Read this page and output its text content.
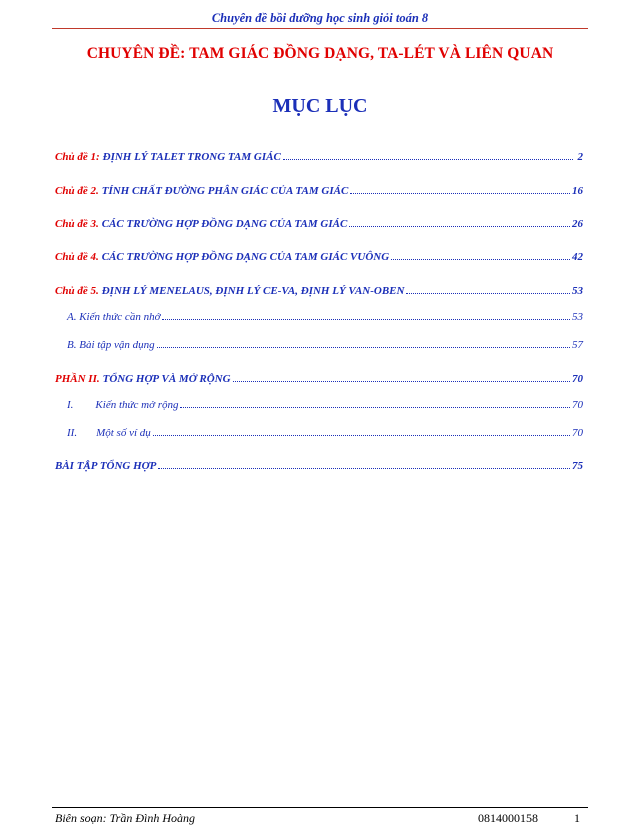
Chuyên đề bồi dưỡng học sinh giỏi toán 8
CHUYÊN ĐỀ: TAM GIÁC ĐỒNG DẠNG, TA-LÉT VÀ LIÊN QUAN
MỤC LỤC
Chủ đề 1: ĐỊNH LÝ TALET TRONG TAM GIÁC	2
Chủ đề 2. TÍNH CHẤT ĐƯỜNG PHÂN GIÁC CỦA TAM GIÁC	16
Chủ đề 3. CÁC TRƯỜNG HỢP ĐỒNG DẠNG CỦA TAM GIÁC	26
Chủ đề 4. CÁC TRƯỜNG HỢP ĐỒNG DẠNG CỦA TAM GIÁC VUÔNG	42
Chủ đề 5. ĐỊNH LÝ MENELAUS, ĐỊNH LÝ CE-VA, ĐỊNH LÝ VAN-OBEN	53
A. Kiến thức cần nhớ	53
B. Bài tập vận dụng	57
PHẦN II. TỔNG HỢP VÀ MỞ RỘNG	70
I. Kiến thức mở rộng	70
II. Một số ví dụ	70
BÀI TẬP TỔNG HỢP	75
Biên soạn: Trần Đình Hoàng	0814000158	1
